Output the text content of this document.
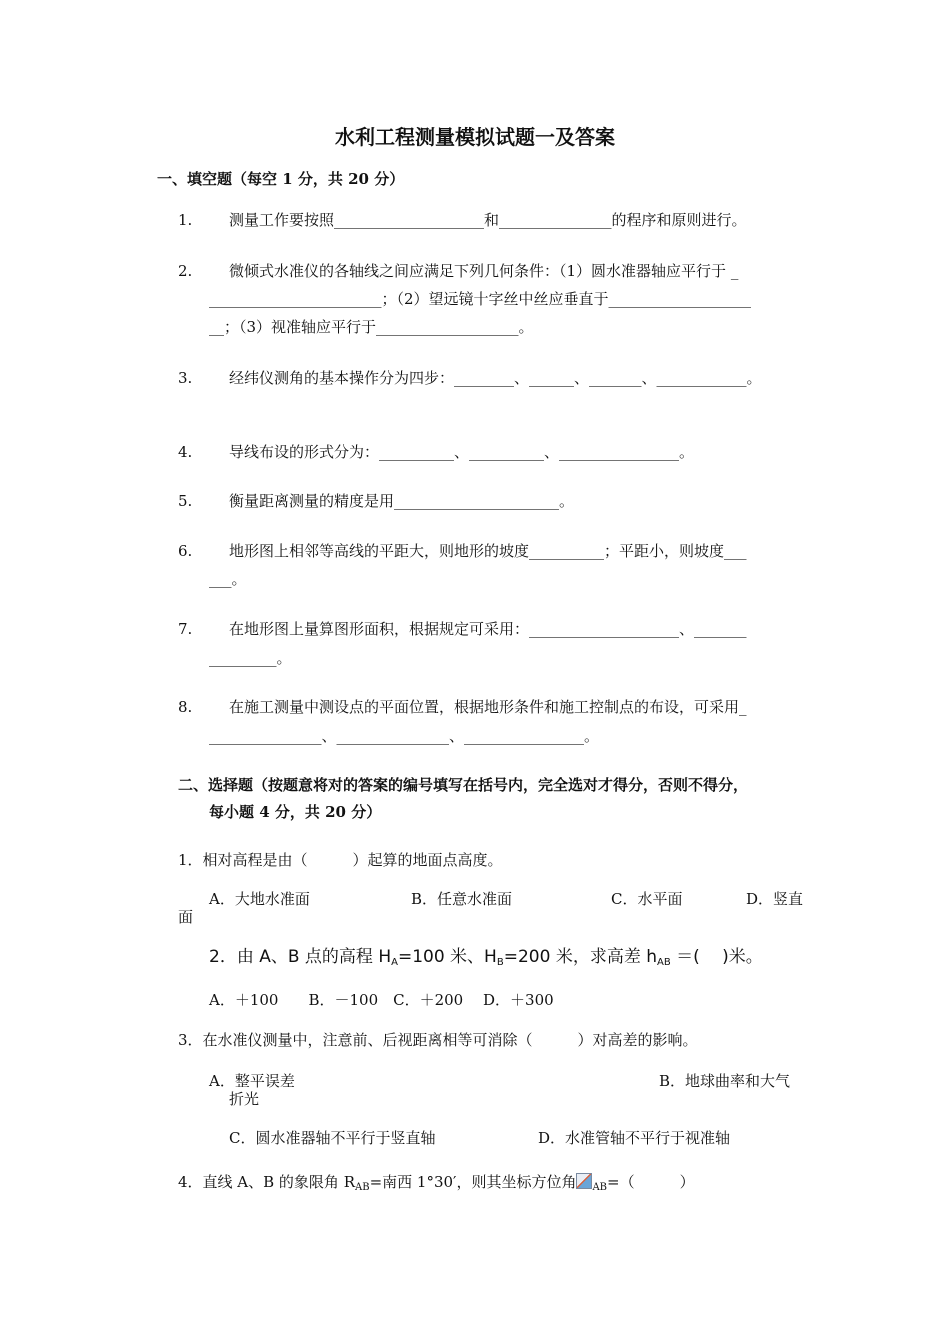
水利工程测量模拟试题一及答案
一、填空题（每空 1 分，共 20 分）
1. 测量工作要按照____________________和_______________的程序和原则进行。
2. 微倾式水准仪的各轴线之间应满足下列几何条件：（1）圆水准器轴应平行于 _
_______________________；（2）望远镜十字丝中丝应垂直于___________________
__；（3）视准轴应平行于___________________。
3. 经纬仪测角的基本操作分为四步：________、______、_______、____________。
4. 导线布设的形式分为：__________、__________、________________。
5. 衡量距离测量的精度是用______________________。
6. 地形图上相邻等高线的平距大，则地形的坡度__________；平距小，则坡度___
___。
7. 在地形图上量算图形面积，根据规定可采用：____________________、_______
_________。
8. 在施工测量中测设点的平面位置，根据地形条件和施工控制点的布设，可采用_
_______________、_______________、________________。
二、选择题（按题意将对的答案的编号填写在括号内，完全选对才得分，否则不得分，
每小题 4 分，共 20 分）
1．相对高程是由（　　　）起算的地面点高度。
A．大地水准面	B．任意水准面	C．水平面	D．竖直
面
2．由 A、B 点的高程 $H_A=100$ 米、$H_B=200$ 米，求高差 $h_{AB}$ ＝(　 )米。
A．＋100　　B．－100　C．＋200　 D．＋300
3．在水准仪测量中，注意前、后视距离相等可消除（　　　）对高差的影响。
A．整平误差	B．地球曲率和大气
折光
C．圆水准器轴不平行于竖直轴	D．水准管轴不平行于视准轴
4．直线 A、B 的象限角 $R_{AB}=$南西 1°30′，则其坐标方位角 $_{AB}$=（　　　）
